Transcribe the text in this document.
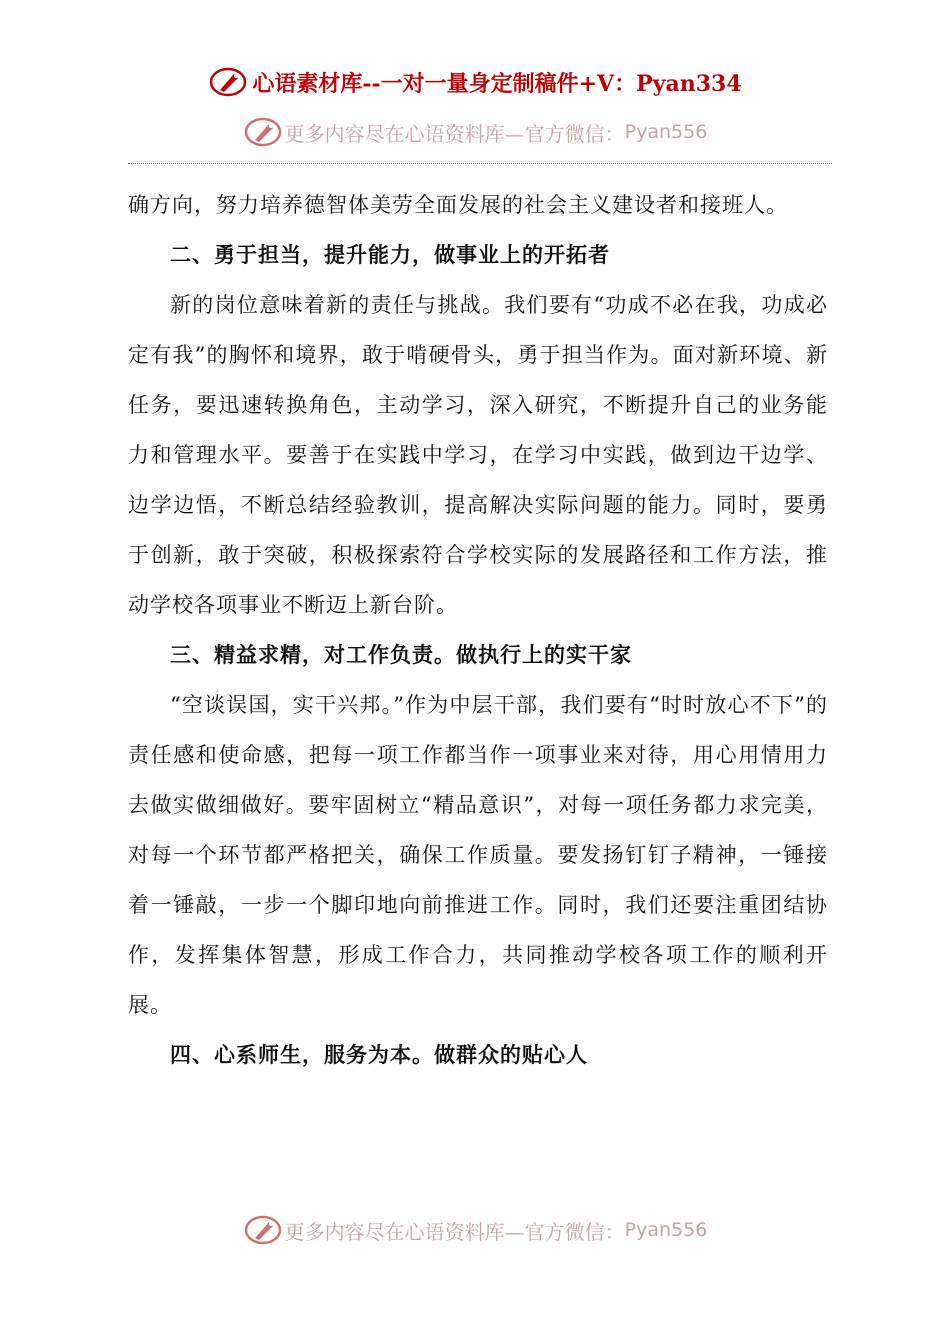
心语素材库--一对一量身定制稿件+V：Pyan334
更多内容尽在心语资料库—官方微信： Pyan556

确方向，努力培养德智体美劳全面发展的社会主义建设者和接班人。

二、勇于担当，提升能力，做事业上的开拓者

新的岗位意味着新的责任与挑战。我们要有“功成不必在我，功成必定有我”的胸怀和境界，敢于啃硬骨头，勇于担当作为。面对新环境、新任务，要迅速转换角色，主动学习，深入研究，不断提升自己的业务能力和管理水平。要善于在实践中学习，在学习中实践，做到边干边学、边学边悟，不断总结经验教训，提高解决实际问题的能力。同时，要勇于创新，敢于突破，积极探索符合学校实际的发展路径和工作方法，推动学校各项事业不断迈上新台阶。

三、精益求精，对工作负责。做执行上的实干家

“空谈误国，实干兴邦。”作为中层干部，我们要有“时时放心不下”的责任感和使命感，把每一项工作都当作一项事业来对待，用心用情用力去做实做细做好。要牢固树立“精品意识”，对每一项任务都力求完美，对每一个环节都严格把关，确保工作质量。要发扬钉钉子精神，一锤接着一锤敲，一步一个脚印地向前推进工作。同时，我们还要注重团结协作，发挥集体智慧，形成工作合力，共同推动学校各项工作的顺利开展。

四、心系师生，服务为本。做群众的贴心人
更多内容尽在心语资料库—官方微信： Pyan556
